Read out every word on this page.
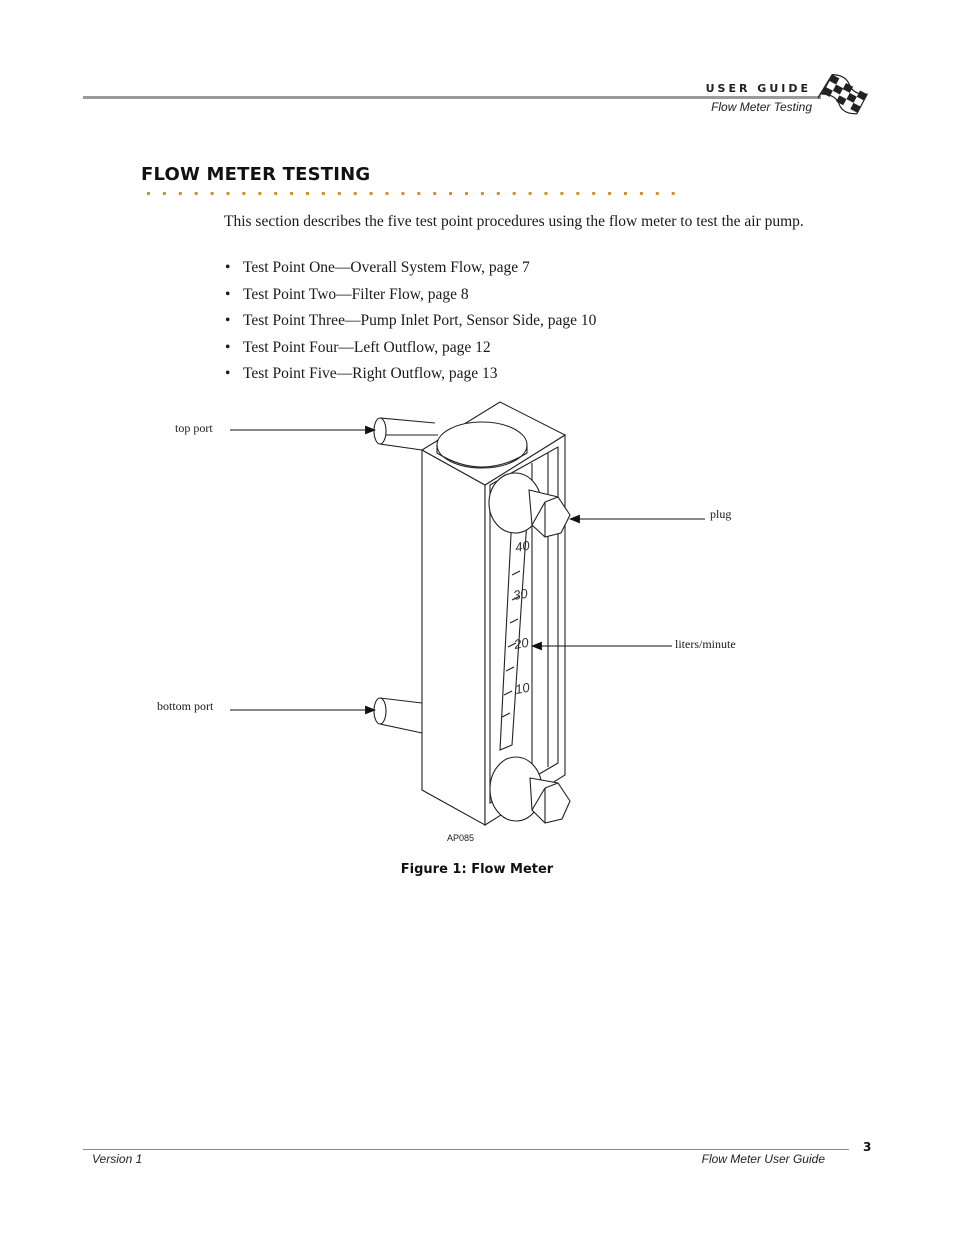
USER GUIDE
Flow Meter Testing
FLOW METER TESTING
This section describes the five test point procedures using the flow meter to test the air pump.
• Test Point One—Overall System Flow, page 7
• Test Point Two—Filter Flow, page 8
• Test Point Three—Pump Inlet Port, Sensor Side, page 10
• Test Point Four—Left Outflow, page 12
• Test Point Five—Right Outflow, page 13
40
30
20
10
top port
bottom port
plug
liters/minute
AP085
Figure 1: Flow Meter
Version 1	Flow Meter User Guide
3
